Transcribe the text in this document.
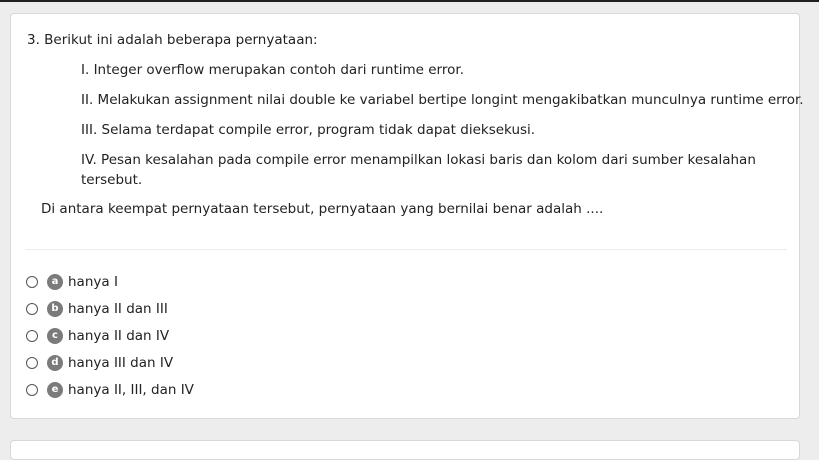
3. Berikut ini adalah beberapa pernyataan:
I. Integer overflow merupakan contoh dari runtime error.
II. Melakukan assignment nilai double ke variabel bertipe longint mengakibatkan munculnya runtime error.
III. Selama terdapat compile error, program tidak dapat dieksekusi.
IV. Pesan kesalahan pada compile error menampilkan lokasi baris dan kolom dari sumber kesalahan tersebut.
Di antara keempat pernyataan tersebut, pernyataan yang bernilai benar adalah ....
a hanya I
b hanya II dan III
c hanya II dan IV
d hanya III dan IV
e hanya II, III, dan IV
